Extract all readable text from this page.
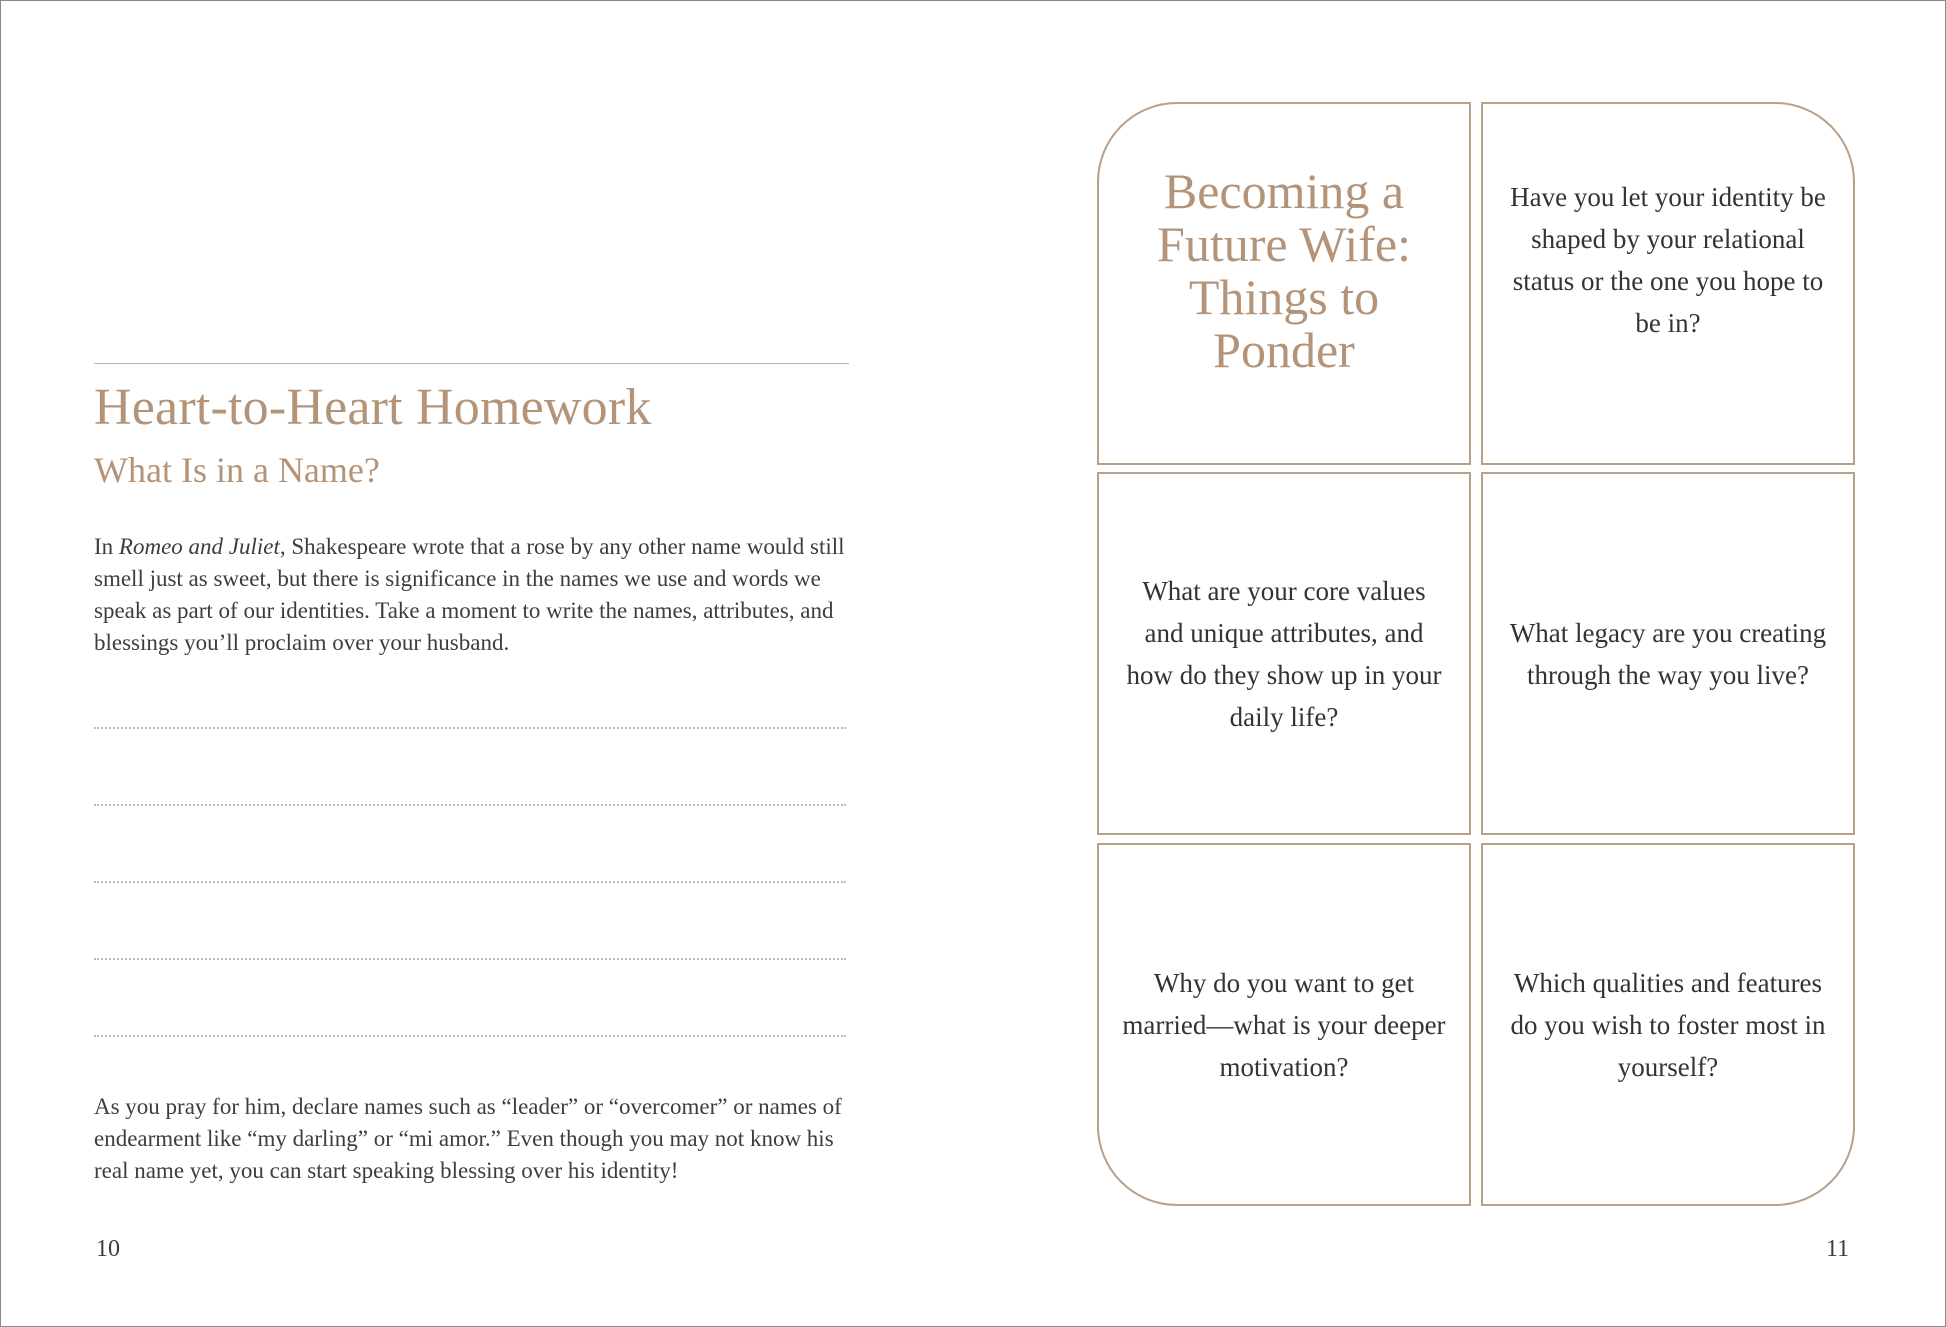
Heart-to-Heart Homework
What Is in a Name?

In Romeo and Juliet, Shakespeare wrote that a rose by any other name would still smell just as sweet, but there is significance in the names we use and words we speak as part of our identities. Take a moment to write the names, attributes, and blessings you’ll proclaim over your husband.

As you pray for him, declare names such as “leader” or “overcomer” or names of endearment like “my darling” or “mi amor.” Even though you may not know his real name yet, you can start speaking blessing over his identity!

10
Becoming a Future Wife: Things to Ponder
Have you let your identity be shaped by your relational status or the one you hope to be in?
What are your core values and unique attributes, and how do they show up in your daily life?
What legacy are you creating through the way you live?
Why do you want to get married—what is your deeper motivation?
Which qualities and features do you wish to foster most in yourself?
11
